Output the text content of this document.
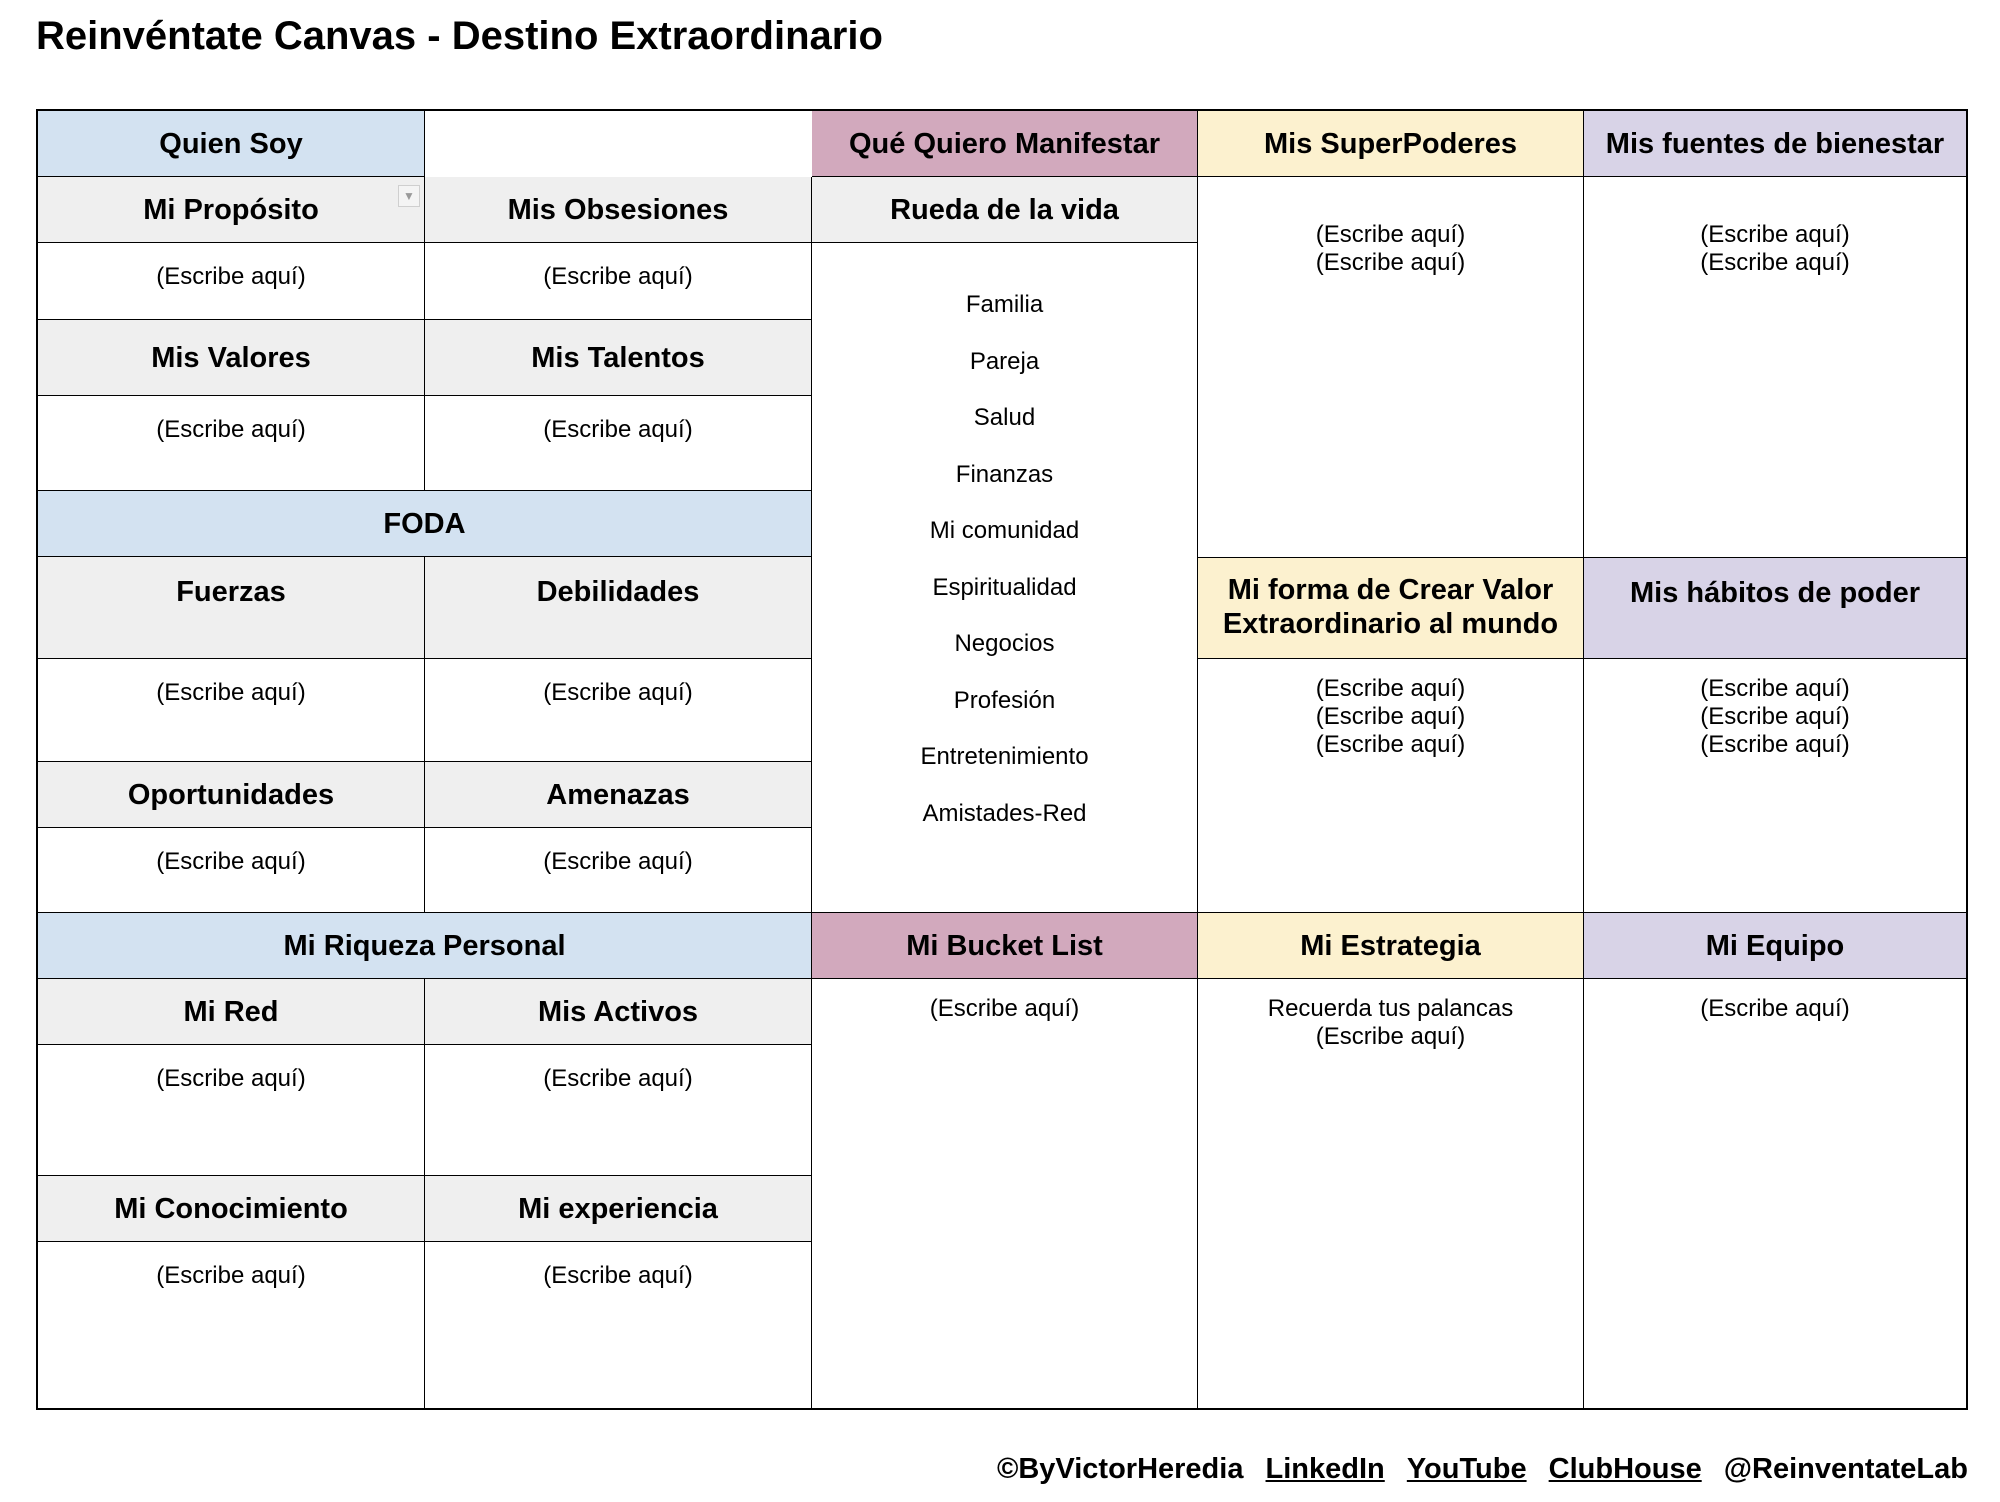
Reinvéntate Canvas - Destino Extraordinario
Quien Soy
Mi Propósito	▼	Mis Obsesiones
(Escribe aquí)	(Escribe aquí)
Mis Valores	Mis Talentos
(Escribe aquí)	(Escribe aquí)
FODA
Fuerzas	Debilidades
(Escribe aquí)	(Escribe aquí)
Oportunidades	Amenazas
(Escribe aquí)	(Escribe aquí)
Mi Riqueza Personal
Mi Red	Mis Activos
(Escribe aquí)	(Escribe aquí)
Mi Conocimiento	Mi experiencia
(Escribe aquí)	(Escribe aquí)
Qué Quiero Manifestar
Rueda de la vida
Familia
Pareja
Salud
Finanzas
Mi comunidad
Espiritualidad
Negocios
Profesión
Entretenimiento
Amistades-Red
Mi Bucket List
(Escribe aquí)
Mis SuperPoderes
(Escribe aquí)
(Escribe aquí)
Mi forma de Crear Valor Extraordinario al mundo
(Escribe aquí)
(Escribe aquí)
(Escribe aquí)
Mi Estrategia
Recuerda tus palancas
(Escribe aquí)
Mis fuentes de bienestar
(Escribe aquí)
(Escribe aquí)
Mis hábitos de poder
(Escribe aquí)
(Escribe aquí)
(Escribe aquí)
Mi Equipo
(Escribe aquí)
©ByVictorHeredia LinkedIn YouTube ClubHouse @ReinventateLab
